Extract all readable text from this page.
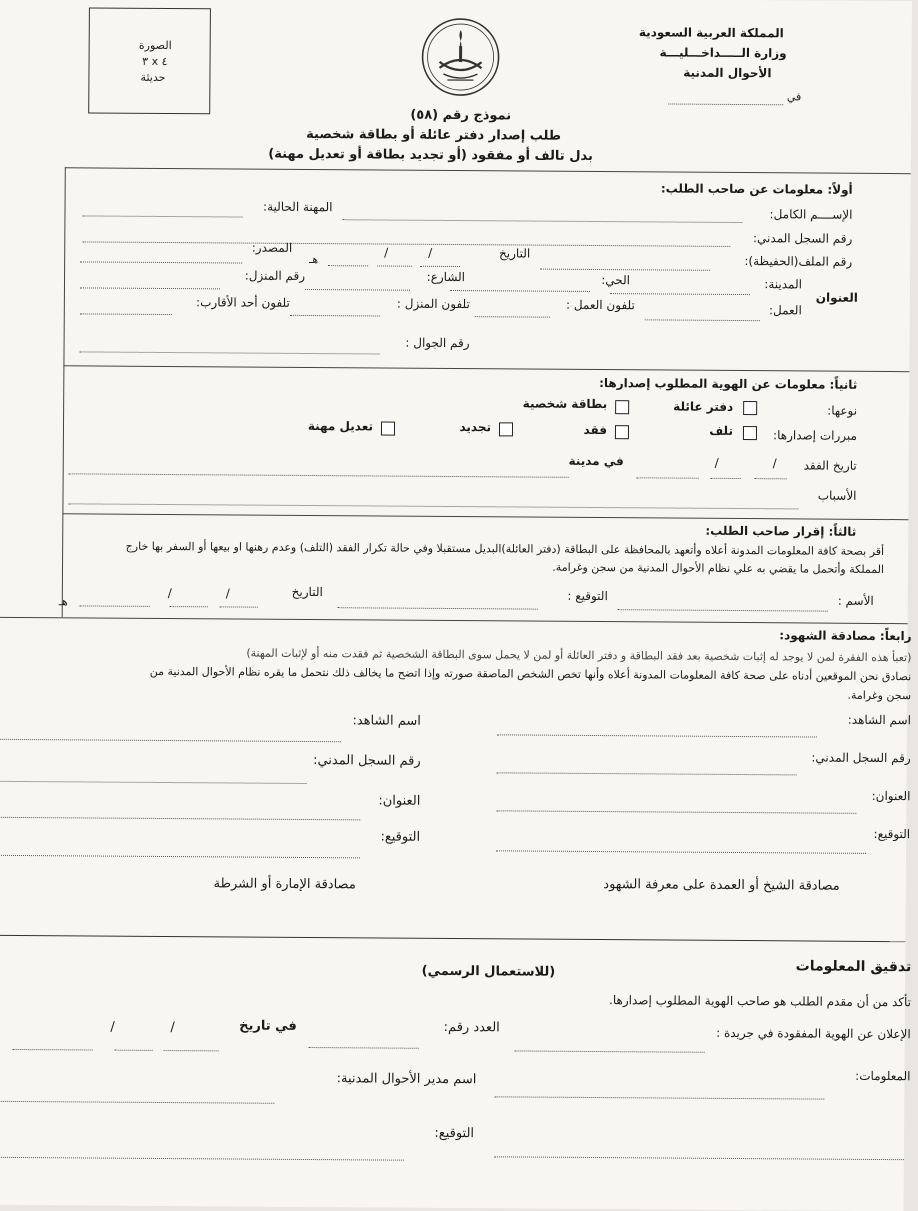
المملكة العربية السعودية
وزارة الـــــداخـــليـــة
الأحوال المدنية
في
الصورة
٣ x ٤
حديثة
نموذج رقم (٥٨)
طلب إصدار دفتر عائلة أو بطاقة شخصية
بدل تالف أو مفقود (أو تجديد بطاقة أو تعديل مهنة)
أولاً: معلومات عن صاحب الطلب:
الإســــم الكامل:
المهنة الحالية:
رقم السجل المدني:
رقم الملف(الحفيظة):
التاريخ
/
/
هـ
المصدر:
العنوان
المدينة:
الحي:
الشارع:
رقم المنزل:
العمل:
تلفون العمل :
تلفون المنزل :
تلفون أحد الأقارب:
رقم الجوال :
ثانياً: معلومات عن الهوية المطلوب إصدارها:
نوعها:
دفتر عائلة
بطاقة شخصية
مبررات إصدارها:
تلف
فقد
تجديد
تعديل مهنة
تاريخ الفقد
/
/
في مدينة
الأسباب
ثالثاً: إقرار صاحب الطلب:
أقر بصحة كافة المعلومات المدونة أعلاه وأتعهد بالمحافظة على البطاقة (دفتر العائلة)البديل مستقبلا وفي حالة تكرار الفقد (التلف) وعدم رهنها او بيعها أو السفر بها خارج
المملكة وأتحمل ما يقضي به علي نظام الأحوال المدنية من سجن وغرامة.
الأسم :
التوقيع :
التاريخ
/
/
هـ
رابعاً: مصادقة الشهود:
(تعبأ هذه الفقرة لمن لا يوجد له إثبات شخصية بعد فقد البطاقة و دفتر العائلة أو لمن لا يحمل سوى البطاقة الشخصية ثم فقدت منه أو لإثبات المهنة)
نصادق نحن الموقعين أدناه على صحة كافة المعلومات المدونة أعلاه وأنها تخص الشخص الماصقة صورته وإذا اتضح ما يخالف ذلك نتحمل ما يقره نظام الأحوال المدنية من
سجن وغرامة.
اسم الشاهد:
رقم السجل المدني:
العنوان:
التوقيع:
اسم الشاهد:
رقم السجل المدني:
العنوان:
التوقيع:
مصادقة الشيخ أو العمدة على معرفة الشهود
مصادقة الإمارة أو الشرطة
تدقيق المعلومات
(للاستعمال الرسمي)
تأكد من أن مقدم الطلب هو صاحب الهوية المطلوب إصدارها.
الإعلان عن الهوية المفقودة في جريدة :
العدد رقم:
في تاريخ
/
/
المعلومات:
اسم مدير الأحوال المدنية:
التوقيع:
